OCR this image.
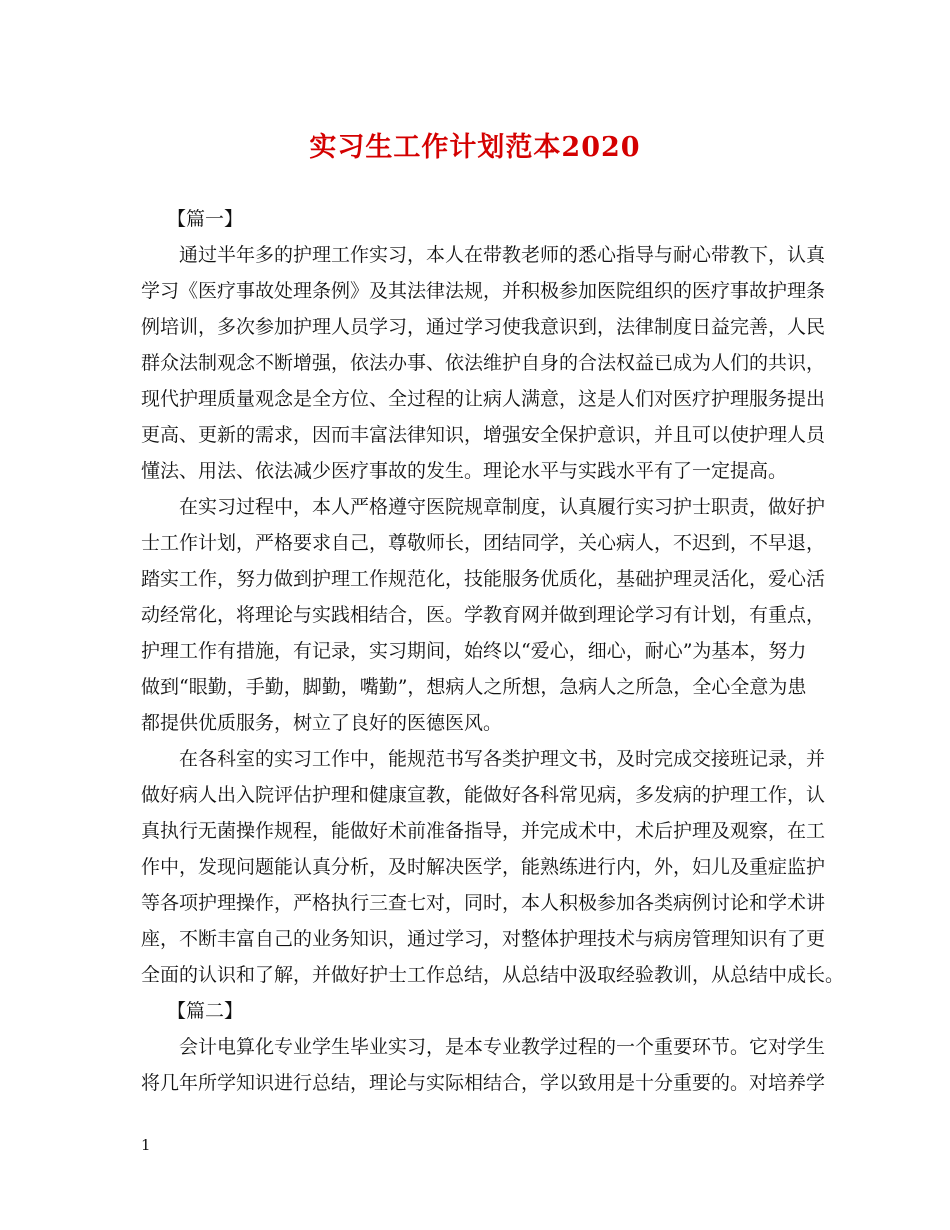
实习生工作计划范本2020
【篇一】

通过半年多的护理工作实习，本人在带教老师的悉心指导与耐心带教下，认真
学习《医疗事故处理条例》及其法律法规，并积极参加医院组织的医疗事故护理条
例培训，多次参加护理人员学习，通过学习使我意识到，法律制度日益完善，人民
群众法制观念不断增强，依法办事、依法维护自身的合法权益已成为人们的共识，
现代护理质量观念是全方位、全过程的让病人满意，这是人们对医疗护理服务提出
更高、更新的需求，因而丰富法律知识，增强安全保护意识，并且可以使护理人员
懂法、用法、依法减少医疗事故的发生。理论水平与实践水平有了一定提高。

在实习过程中，本人严格遵守医院规章制度，认真履行实习护士职责，做好护
士工作计划，严格要求自己，尊敬师长，团结同学，关心病人，不迟到，不早退，
踏实工作，努力做到护理工作规范化，技能服务优质化，基础护理灵活化，爱心活
动经常化，将理论与实践相结合，医。学教育网并做到理论学习有计划，有重点，
护理工作有措施，有记录，实习期间，始终以“爱心，细心，耐心”为基本，努力
做到“眼勤，手勤，脚勤，嘴勤”，想病人之所想，急病人之所急，全心全意为患
都提供优质服务，树立了良好的医德医风。

在各科室的实习工作中，能规范书写各类护理文书，及时完成交接班记录，并
做好病人出入院评估护理和健康宣教，能做好各科常见病，多发病的护理工作，认
真执行无菌操作规程，能做好术前准备指导，并完成术中，术后护理及观察，在工
作中，发现问题能认真分析，及时解决医学，能熟练进行内，外，妇儿及重症监护
等各项护理操作，严格执行三查七对，同时，本人积极参加各类病例讨论和学术讲
座，不断丰富自己的业务知识，通过学习，对整体护理技术与病房管理知识有了更
全面的认识和了解，并做好护士工作总结，从总结中汲取经验教训，从总结中成长。

【篇二】

会计电算化专业学生毕业实习，是本专业教学过程的一个重要环节。它对学生
将几年所学知识进行总结，理论与实际相结合，学以致用是十分重要的。对培养学

1
